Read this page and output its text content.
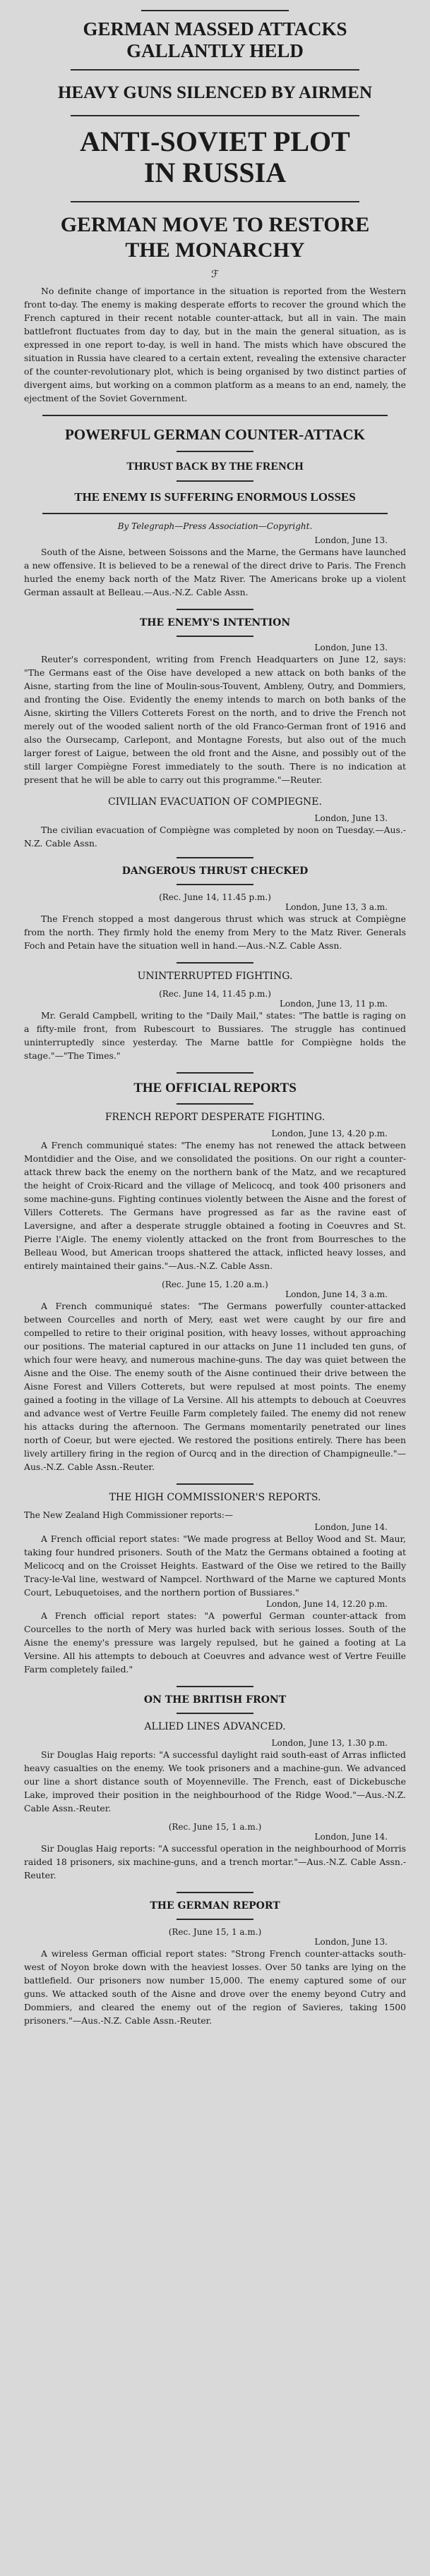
GERMAN MASSED ATTACKS
GALLANTLY HELD
HEAVY GUNS SILENCED BY AIRMEN
ANTI-SOVIET PLOT
IN RUSSIA
GERMAN MOVE TO RESTORE
THE MONARCHY
ℱ
No definite change of importance in the situation is reported from the Western front to-day. The enemy is making desperate efforts to recover the ground which the French captured in their recent notable counter-attack, but all in vain. The main battlefront fluctuates from day to day, but in the main the general situation, as is expressed in one report to-day, is well in hand. The mists which have obscured the situation in Russia have cleared to a certain extent, revealing the extensive character of the counter-revolutionary plot, which is being organised by two distinct parties of divergent aims, but working on a common platform as a means to an end, namely, the ejectment of the Soviet Government.
POWERFUL GERMAN COUNTER-ATTACK
THRUST BACK BY THE FRENCH
THE ENEMY IS SUFFERING ENORMOUS LOSSES
By Telegraph—Press Association—Copyright.
London, June 13.
South of the Aisne, between Soissons and the Marne, the Germans have launched a new offensive. It is believed to be a renewal of the direct drive to Paris. The French hurled the enemy back north of the Matz River. The Americans broke up a violent German assault at Belleau.—Aus.-N.Z. Cable Assn.
THE ENEMY'S INTENTION
London, June 13.
Reuter's correspondent, writing from French Headquarters on June 12, says: "The Germans east of the Oise have developed a new attack on both banks of the Aisne, starting from the line of Moulin-sous-Touvent, Ambleny, Outry, and Dommiers, and fronting the Oise. Evidently the enemy intends to march on both banks of the Aisne, skirting the Villers Cotterets Forest on the north, and to drive the French not merely out of the wooded salient north of the old Franco-German front of 1916 and also the Oursecamp, Carlepont, and Montagne Forests, but also out of the much larger forest of Laigue, between the old front and the Aisne, and possibly out of the still larger Compiègne Forest immediately to the south. There is no indication at present that he will be able to carry out this programme."—Reuter.
CIVILIAN EVACUATION OF COMPIEGNE.
London, June 13.
The civilian evacuation of Compiègne was completed by noon on Tuesday.—Aus.-N.Z. Cable Assn.
DANGEROUS THRUST CHECKED
(Rec. June 14, 11.45 p.m.)
London, June 13, 3 a.m.
The French stopped a most dangerous thrust which was struck at Compiègne from the north. They firmly hold the enemy from Mery to the Matz River. Generals Foch and Petain have the situation well in hand.—Aus.-N.Z. Cable Assn.
UNINTERRUPTED FIGHTING.
(Rec. June 14, 11.45 p.m.)
London, June 13, 11 p.m.
Mr. Gerald Campbell, writing to the "Daily Mail," states: "The battle is raging on a fifty-mile front, from Rubescourt to Bussiares. The struggle has continued uninterruptedly since yesterday. The Marne battle for Compiègne holds the stage."—"The Times."
THE OFFICIAL REPORTS
FRENCH REPORT DESPERATE FIGHTING.
London, June 13, 4.20 p.m.
A French communiqué states: "The enemy has not renewed the attack between Montdidier and the Oise, and we consolidated the positions. On our right a counter-attack threw back the enemy on the northern bank of the Matz, and we recaptured the height of Croix-Ricard and the village of Melicocq, and took 400 prisoners and some machine-guns. Fighting continues violently between the Aisne and the forest of Villers Cotterets. The Germans have progressed as far as the ravine east of Laversigne, and after a desperate struggle obtained a footing in Coeuvres and St. Pierre l'Aigle. The enemy violently attacked on the front from Bourresches to the Belleau Wood, but American troops shattered the attack, inflicted heavy losses, and entirely maintained their gains."—Aus.-N.Z. Cable Assn.
(Rec. June 15, 1.20 a.m.)
London, June 14, 3 a.m.
A French communiqué states: "The Germans powerfully counter-attacked between Courcelles and north of Mery, east wet were caught by our fire and compelled to retire to their original position, with heavy losses, without approaching our positions. The material captured in our attacks on June 11 included ten guns, of which four were heavy, and numerous machine-guns. The day was quiet between the Aisne and the Oise. The enemy south of the Aisne continued their drive between the Aisne Forest and Villers Cotterets, but were repulsed at most points. The enemy gained a footing in the village of La Versine. All his attempts to debouch at Coeuvres and advance west of Vertre Feuille Farm completely failed. The enemy did not renew his attacks during the afternoon. The Germans momentarily penetrated our lines north of Coeur, but were ejected. We restored the positions entirely. There has been lively artillery firing in the region of Ourcq and in the direction of Champigneulle."—Aus.-N.Z. Cable Assn.-Reuter.
THE HIGH COMMISSIONER'S REPORTS.
The New Zealand High Commissioner reports:—
London, June 14.
A French official report states: "We made progress at Belloy Wood and St. Maur, taking four hundred prisoners. South of the Matz the Germans obtained a footing at Melicocq and on the Croisset Heights. Eastward of the Oise we retired to the Bailly Tracy-le-Val line, westward of Nampcel. Northward of the Marne we captured Monts Court, Lebuquetoises, and the northern portion of Bussiares."
London, June 14, 12.20 p.m.
A French official report states: "A powerful German counter-attack from Courcelles to the north of Mery was hurled back with serious losses. South of the Aisne the enemy's pressure was largely repulsed, but he gained a footing at La Versine. All his attempts to debouch at Coeuvres and advance west of Vertre Feuille Farm completely failed."
ON THE BRITISH FRONT
ALLIED LINES ADVANCED.
London, June 13, 1.30 p.m.
Sir Douglas Haig reports: "A successful daylight raid south-east of Arras inflicted heavy casualties on the enemy. We took prisoners and a machine-gun. We advanced our line a short distance south of Moyenneville. The French, east of Dickebusche Lake, improved their position in the neighbourhood of the Ridge Wood."—Aus.-N.Z. Cable Assn.-Reuter.
(Rec. June 15, 1 a.m.)
London, June 14.
Sir Douglas Haig reports: "A successful operation in the neighbourhood of Morris raided 18 prisoners, six machine-guns, and a trench mortar."—Aus.-N.Z. Cable Assn.-Reuter.
THE GERMAN REPORT
(Rec. June 15, 1 a.m.)
London, June 13.
A wireless German official report states: "Strong French counter-attacks south-west of Noyon broke down with the heaviest losses. Over 50 tanks are lying on the battlefield. Our prisoners now number 15,000. The enemy captured some of our guns. We attacked south of the Aisne and drove over the enemy beyond Cutry and Dommiers, and cleared the enemy out of the region of Savieres, taking 1500 prisoners."—Aus.-N.Z. Cable Assn.-Reuter.
